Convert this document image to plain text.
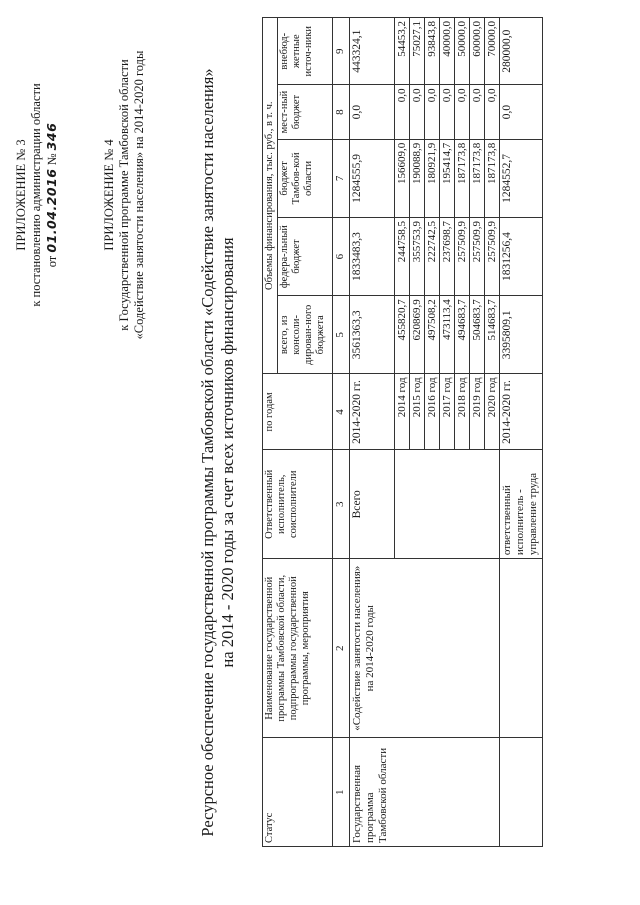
ПРИЛОЖЕНИЕ № 3 к постановлению администрации области от 01.04.2016 № 346
ПРИЛОЖЕНИЕ № 4 к Государственной программе Тамбовской области «Содействие занятости населения» на 2014-2020 годы	Ресурсное обеспечение государственной программы Тамбовской области «Содействие занятости населения» на 2014 - 2020 годы за счет всех источников финансирования
Статус	Наименование государственной программы Тамбовской области, подпрограммы государственной программы, мероприятия	Ответственный исполнитель, соисполнители	по годам	Объемы финансирования, тыс. руб., в т. ч.				
				всего, из консоли-дирован-ного бюджета	федера-льный бюджет	бюджет Тамбов-кой области	мест-ный бюджет	внебюд-жетные источ-ники
1	2	3	4	5	6	7	8	9
Государственная программа Тамбовской области	«Содействие занятости населения» на 2014-2020 годы	Всего	2014-2020 гг.	3561363,3	1833483,3	1284555,9	0,0	443324,1
			2014 год	455820,7	244758,5	156609,0	0,0	54453,2
			2015 год	620869,9	355753,9	190088,9	0,0	75027,1
			2016 год	497508,2	222742,5	180921,9	0,0	93843,8
			2017 год	473113,4	237698,7	195414,7	0,0	40000,0
			2018 год	494683,7	257509,9	187173,8	0,0	50000,0
			2019 год	504683,7	257509,9	187173,8	0,0	60000,0
			2020 год	514683,7	257509,9	187173,8	0,0	70000,0
		ответственный исполнитель - управление труда	2014-2020 гг.	3395809,1	1831256,4	1284552,7	0,0	280000,0
